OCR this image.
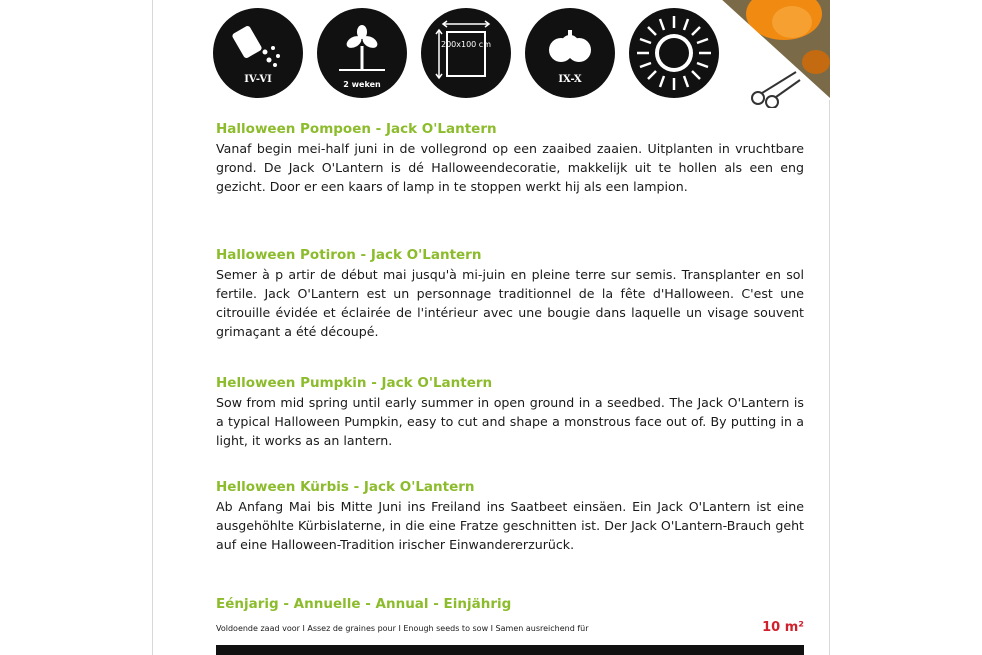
IV-VI	2 weken
200x100 cm
IX-X
Halloween Pompoen - Jack O'Lantern
Vanaf begin mei-half juni in de vollegrond op een zaaibed zaaien. Uitplanten in vruchtbare grond. De Jack O'Lantern is dé Halloweendecoratie, makkelijk uit te hollen als een eng gezicht. Door er een kaars of lamp in te stoppen werkt hij als een lampion.
Halloween Potiron - Jack O'Lantern
Semer à p artir de début mai jusqu'à mi-juin en pleine terre sur semis. Transplanter en sol fertile. Jack O'Lantern est un personnage traditionnel de la fête d'Halloween. C'est une citrouille évidée et éclairée de l'intérieur avec une bougie dans laquelle un visage souvent grimaçant a été découpé.
Helloween Pumpkin - Jack O'Lantern
Sow from mid spring until early summer in open ground in a seedbed. The Jack O'Lantern is a typical Halloween Pumpkin, easy to cut and shape a monstrous face out of. By putting in a light, it works as an lantern.
Helloween Kürbis - Jack O'Lantern
Ab Anfang Mai bis Mitte Juni ins Freiland ins Saatbeet einsäen. Ein Jack O'Lantern ist eine ausgehöhlte Kürbislaterne, in die eine Fratze geschnitten ist. Der Jack O'Lantern-Brauch geht auf eine Halloween-Tradition irischer Einwandererzurück.
Eénjarig - Annuelle - Annual - Einjährig
Voldoende zaad voor I Assez de graines pour I Enough seeds to sow I Samen ausreichend für	10 m²
